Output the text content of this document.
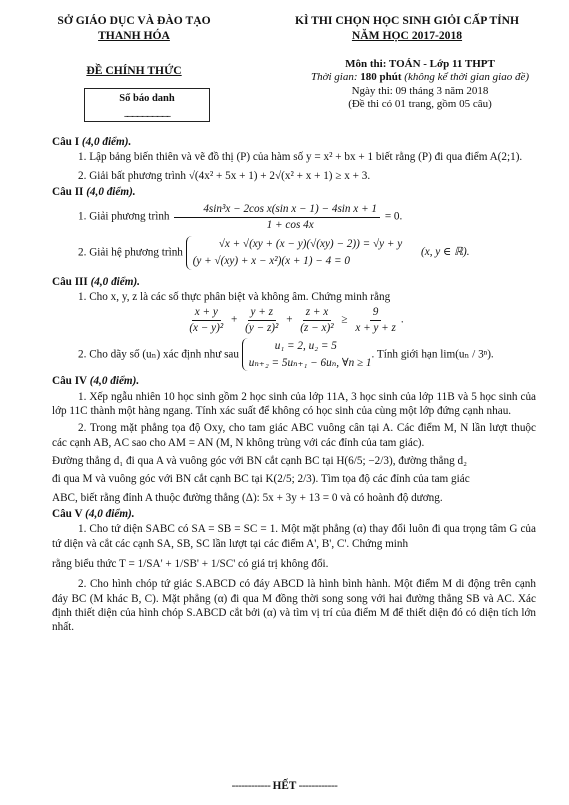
SỞ GIÁO DỤC VÀ ĐÀO TẠO
THANH HÓA
ĐỀ CHÍNH THỨC
KÌ THI CHỌN HỌC SINH GIỎI CẤP TỈNH
NĂM HỌC 2017-2018
Số báo danh
.....................................
Môn thi: TOÁN - Lớp 11 THPT
Thời gian: 180 phút (không kể thời gian giao đề)
Ngày thi: 09 tháng 3 năm 2018
(Đề thi có 01 trang, gồm 05 câu)
Câu I (4,0 điểm).
1. Lập bảng biến thiên và vẽ đồ thị (P) của hàm số y = x² + bx + 1 biết rằng (P) đi qua điểm A(2;1).
2. Giải bất phương trình √(4x² + 5x + 1) + 2√(x² + x + 1) ≥ x + 3.
Câu II (4,0 điểm).
1. Giải phương trình $\frac{\text{4sin³x − 2cos x(sin x − 1) − 4sin x + 1}}{1 + \cos 4x} = 0$.
2. Giải hệ phương trình √x + √(xy + (x − y)(√(xy) − 2)) = √y + y
(y + √(xy) + x − x²)(x + 1) − 4 = 0 (x, y ∈ ℝ).
Câu III (4,0 điểm).
1. Cho x, y, z là các số thực phân biệt và không âm. Chứng minh rằng
$\frac{x + y}{\text{(x − y)²}} + \frac{y + z}{\text{(y − z)²}} + \frac{z + x}{\text{(z − x)²}} \ge \frac{9}{x + y + z}$ .
2. Cho dãy số (uₙ) xác định như sau u₁ = 2, u₂ = 5
uₙ₊₂ = 5uₙ₊₁ − 6uₙ, ∀n ≥ 1. Tính giới hạn lim(uₙ / 3ⁿ).
Câu IV (4,0 điểm).
1. Xếp ngẫu nhiên 10 học sinh gồm 2 học sinh của lớp 11A, 3 học sinh của lớp 11B và 5 học sinh của lớp 11C thành một hàng ngang. Tính xác suất để không có học sinh của cùng một lớp đứng cạnh nhau.
2. Trong mặt phẳng tọa độ Oxy, cho tam giác ABC vuông cân tại A. Các điểm M, N lần lượt thuộc các cạnh AB, AC sao cho AM = AN (M, N không trùng với các đỉnh của tam giác).
Đường thẳng d₁ đi qua A và vuông góc với BN cắt cạnh BC tại H(6/5; −2/3), đường thẳng d₂
đi qua M và vuông góc với BN cắt cạnh BC tại K(2/5; 2/3). Tìm tọa độ các đỉnh của tam giác
ABC, biết rằng đỉnh A thuộc đường thẳng (Δ): 5x + 3y + 13 = 0 và có hoành độ dương.
Câu V (4,0 điểm).
1. Cho tứ diện SABC có SA = SB = SC = 1. Một mặt phẳng (α) thay đổi luôn đi qua trọng tâm G của tứ diện và cắt các cạnh SA, SB, SC lần lượt tại các điểm A', B', C'. Chứng minh
rằng biểu thức T = 1/SA' + 1/SB' + 1/SC' có giá trị không đổi.
2. Cho hình chóp tứ giác S.ABCD có đáy ABCD là hình bình hành. Một điểm M di động trên cạnh đáy BC (M khác B, C). Mặt phẳng (α) đi qua M đồng thời song song với hai đường thẳng SB và AC. Xác định thiết diện của hình chóp S.ABCD cắt bởi (α) và tìm vị trí của điểm M để thiết diện đó có diện tích lớn nhất.
------------ HẾT ------------
